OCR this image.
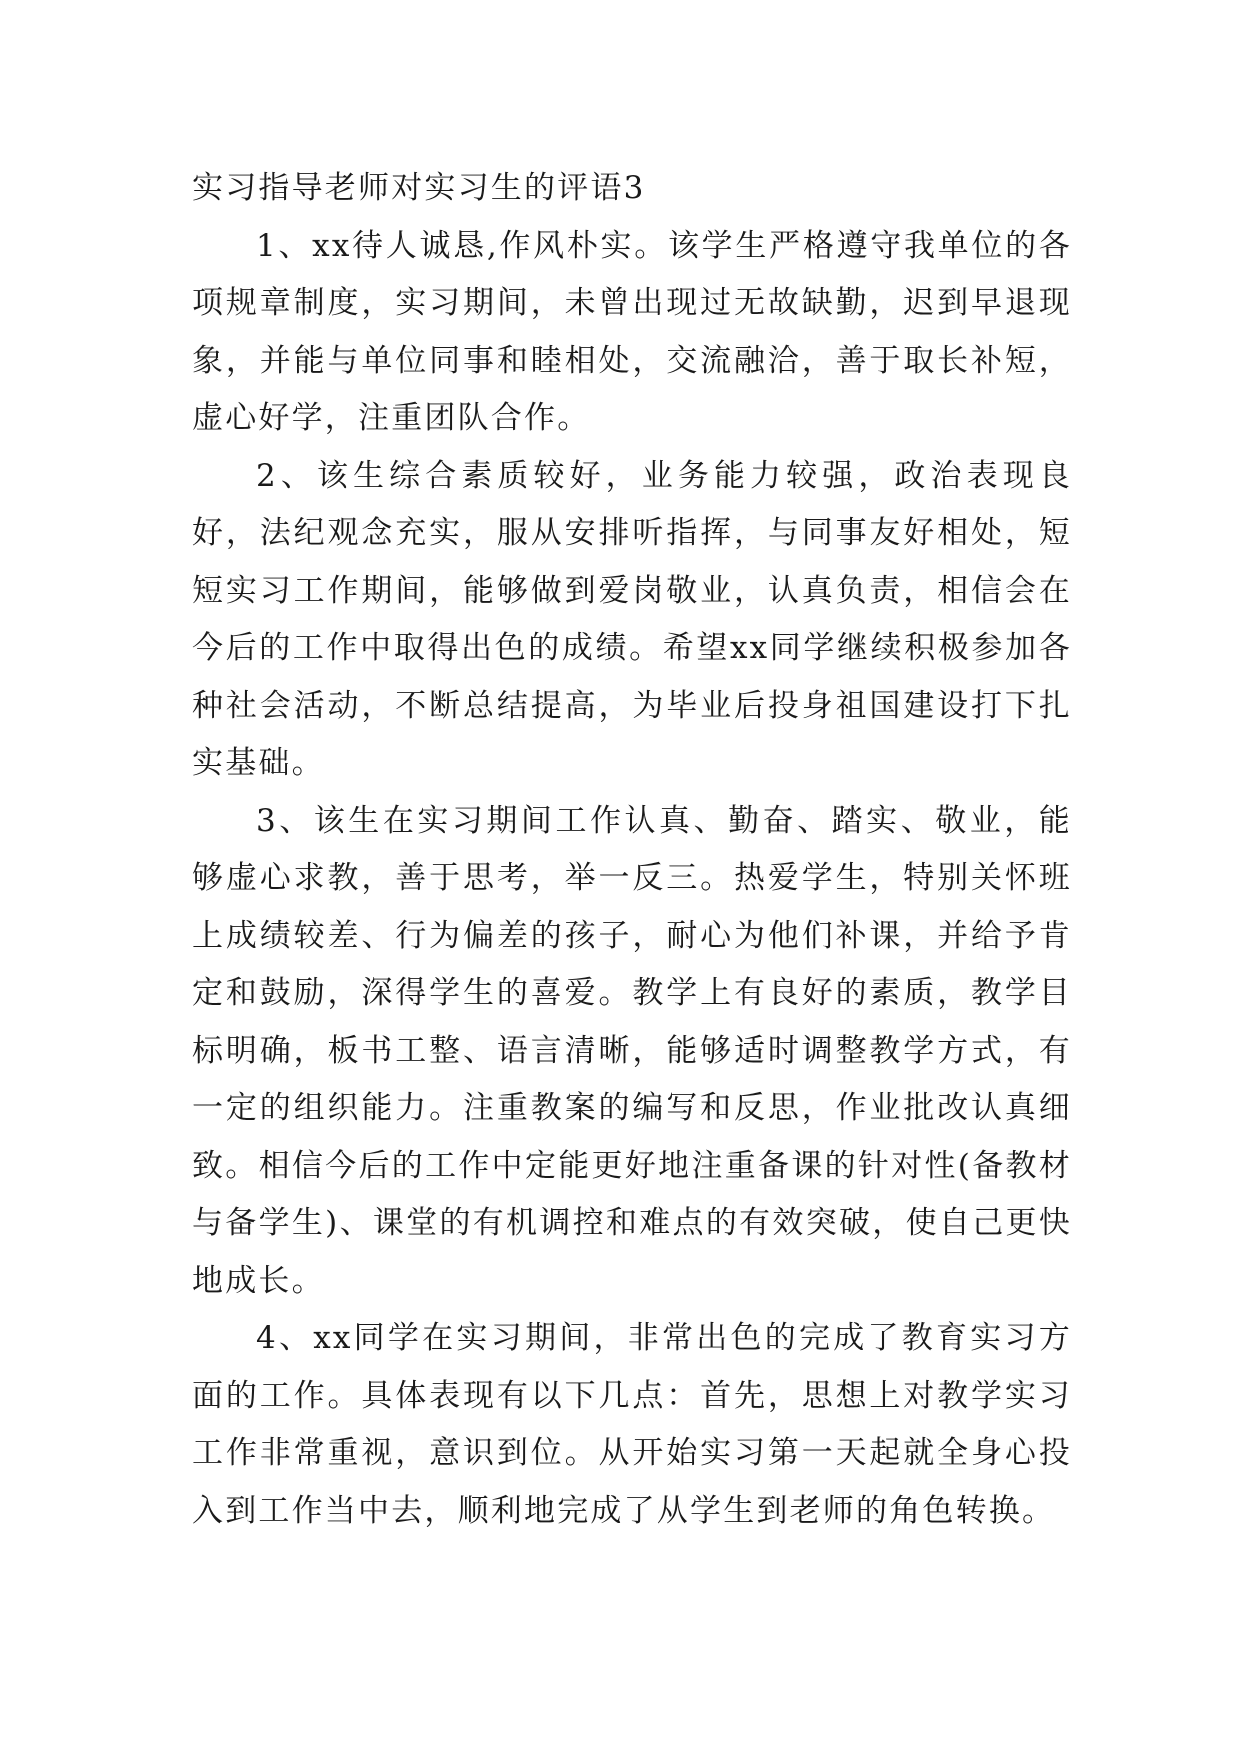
实习指导老师对实习生的评语3

1、xx待人诚恳,作风朴实。该学生严格遵守我单位的各项规章制度，实习期间，未曾出现过无故缺勤，迟到早退现象，并能与单位同事和睦相处，交流融洽，善于取长补短，虚心好学，注重团队合作。

2、该生综合素质较好，业务能力较强，政治表现良好，法纪观念充实，服从安排听指挥，与同事友好相处，短短实习工作期间，能够做到爱岗敬业，认真负责，相信会在今后的工作中取得出色的成绩。希望xx同学继续积极参加各种社会活动，不断总结提高，为毕业后投身祖国建设打下扎实基础。

3、该生在实习期间工作认真、勤奋、踏实、敬业，能够虚心求教，善于思考，举一反三。热爱学生，特别关怀班上成绩较差、行为偏差的孩子，耐心为他们补课，并给予肯定和鼓励，深得学生的喜爱。教学上有良好的素质，教学目标明确，板书工整、语言清晰，能够适时调整教学方式，有一定的组织能力。注重教案的编写和反思，作业批改认真细致。相信今后的工作中定能更好地注重备课的针对性(备教材与备学生)、课堂的有机调控和难点的有效突破，使自己更快地成长。

4、xx同学在实习期间，非常出色的完成了教育实习方面的工作。具体表现有以下几点：首先，思想上对教学实习工作非常重视，意识到位。从开始实习第一天起就全身心投入到工作当中去，顺利地完成了从学生到老师的角色转换。
